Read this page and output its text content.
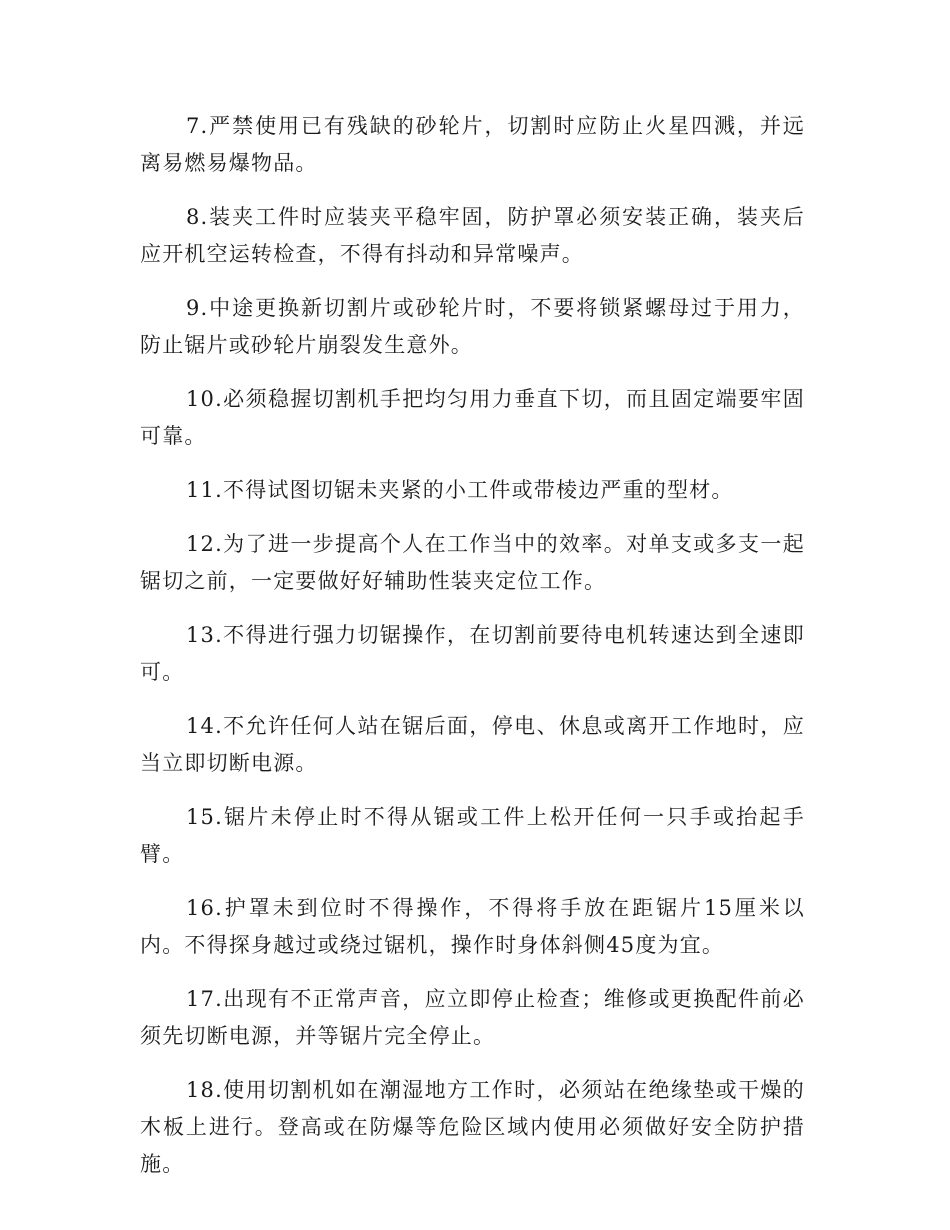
7.严禁使用已有残缺的砂轮片，切割时应防止火星四溅，并远离易燃易爆物品。

8.装夹工件时应装夹平稳牢固，防护罩必须安装正确，装夹后应开机空运转检查，不得有抖动和异常噪声。

9.中途更换新切割片或砂轮片时，不要将锁紧螺母过于用力，防止锯片或砂轮片崩裂发生意外。

10.必须稳握切割机手把均匀用力垂直下切，而且固定端要牢固可靠。

11.不得试图切锯未夹紧的小工件或带棱边严重的型材。

12.为了进一步提高个人在工作当中的效率。对单支或多支一起锯切之前，一定要做好好辅助性装夹定位工作。

13.不得进行强力切锯操作，在切割前要待电机转速达到全速即可。

14.不允许任何人站在锯后面，停电、休息或离开工作地时，应当立即切断电源。

15.锯片未停止时不得从锯或工件上松开任何一只手或抬起手臂。

16.护罩未到位时不得操作，不得将手放在距锯片15厘米以内。不得探身越过或绕过锯机，操作时身体斜侧45度为宜。

17.出现有不正常声音，应立即停止检查；维修或更换配件前必须先切断电源，并等锯片完全停止。

18.使用切割机如在潮湿地方工作时，必须站在绝缘垫或干燥的木板上进行。登高或在防爆等危险区域内使用必须做好安全防护措施。
